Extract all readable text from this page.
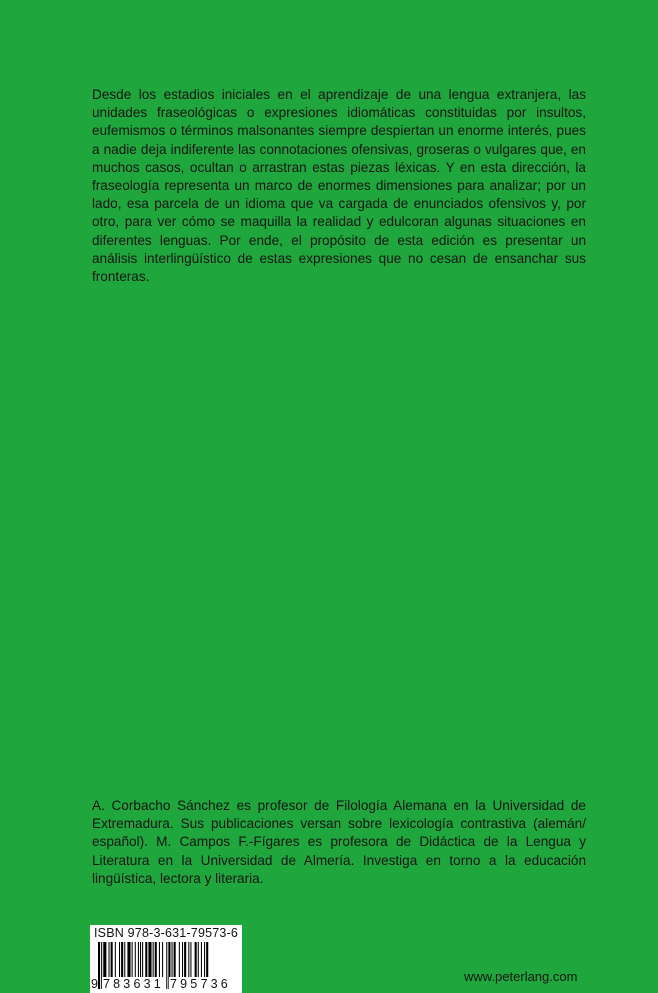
Desde los estadios iniciales en el aprendizaje de una lengua extranjera, las unidades fraseológicas o expresiones idiomáticas constituidas por insultos, eufemismos o términos malsonantes siempre despiertan un enorme interés, pues a nadie deja indiferente las connotaciones ofensivas, groseras o vulgares que, en muchos casos, ocultan o arrastran estas piezas léxicas. Y en esta dirección, la fraseología representa un marco de enormes dimensiones para analizar; por un lado, esa parcela de un idioma que va cargada de enunciados ofensivos y, por otro, para ver cómo se maquilla la realidad y edulcoran algunas situaciones en diferentes lenguas. Por ende, el propósito de esta edición es presentar un análisis interlingüístico de estas expresiones que no cesan de ensanchar sus fronteras.

A. Corbacho Sánchez es profesor de Filología Alemana en la Universidad de Extremadura. Sus publicaciones versan sobre lexicología contrastiva (alemán/ español). M. Campos F.-Fígares es profesora de Didáctica de la Lengua y Literatura en la Universidad de Almería. Investiga en torno a la educación lingüística, lectora y literaria.

ISBN 978-3-631-79573-6
9 783631 795736	www.peterlang.com
